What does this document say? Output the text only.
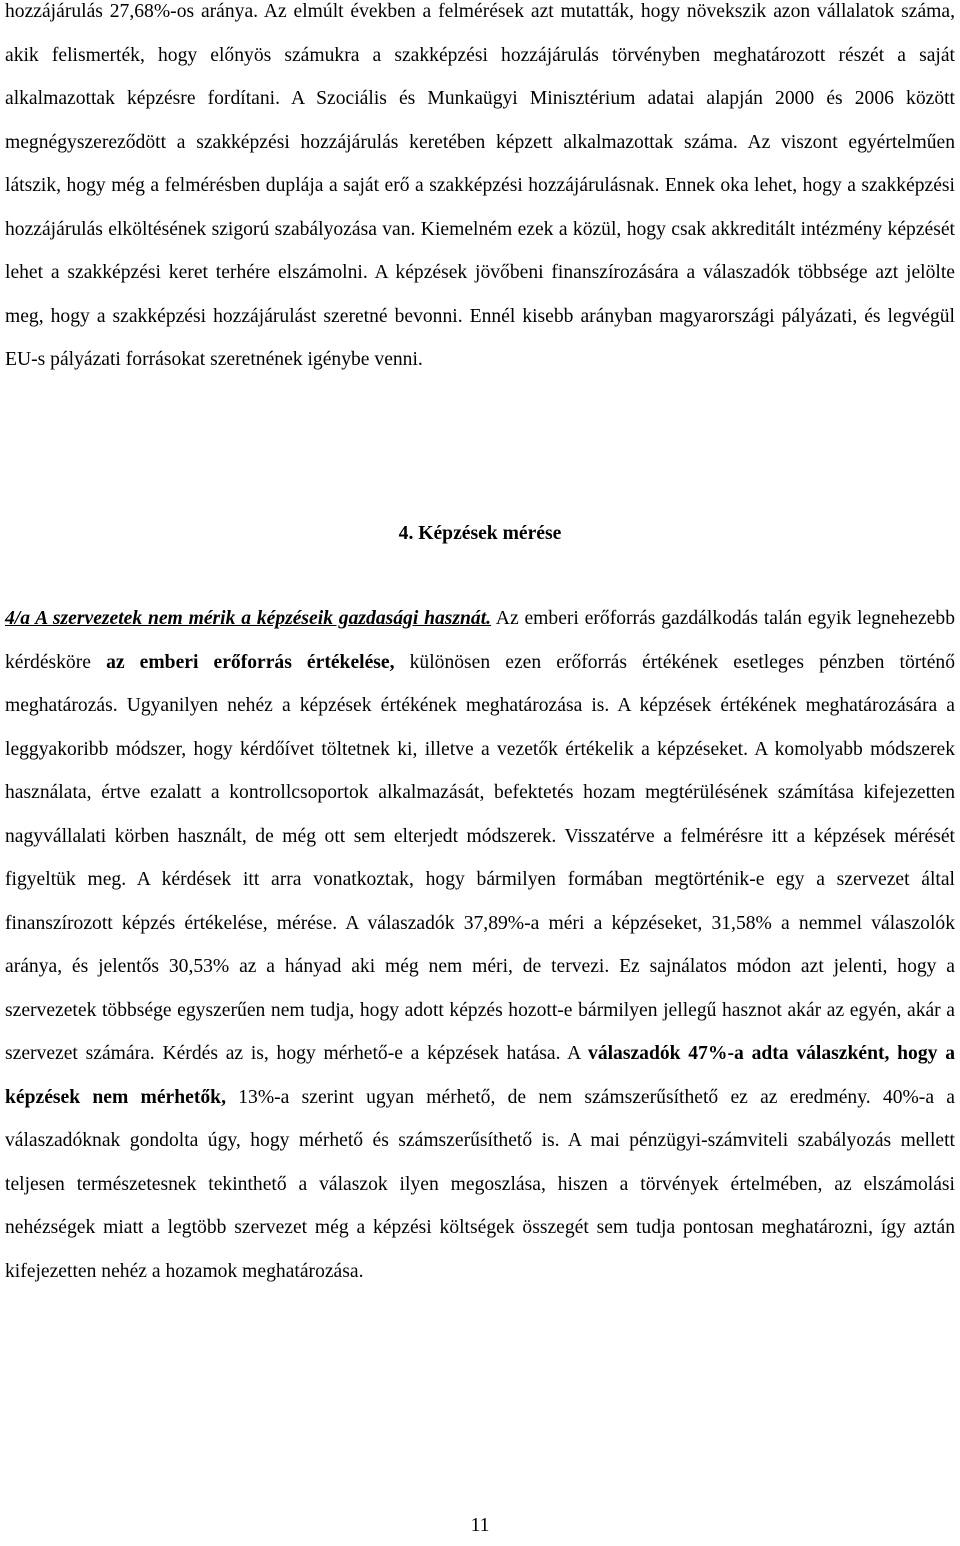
hozzájárulás 27,68%-os aránya. Az elmúlt években a felmérések azt mutatták, hogy növekszik azon vállalatok száma, akik felismerték, hogy előnyös számukra a szakképzési hozzájárulás törvényben meghatározott részét a saját alkalmazottak képzésre fordítani. A Szociális és Munkaügyi Minisztérium adatai alapján 2000 és 2006 között megnégyszereződött a szakképzési hozzájárulás keretében képzett alkalmazottak száma. Az viszont egyértelműen látszik, hogy még a felmérésben duplája a saját erő a szakképzési hozzájárulásnak. Ennek oka lehet, hogy a szakképzési hozzájárulás elköltésének szigorú szabályozása van. Kiemelném ezek a közül, hogy csak akkreditált intézmény képzését lehet a szakképzési keret terhére elszámolni. A képzések jövőbeni finanszírozására a válaszadók többsége azt jelölte meg, hogy a szakképzési hozzájárulást szeretné bevonni. Ennél kisebb arányban magyarországi pályázati, és legvégül EU-s pályázati forrásokat szeretnének igénybe venni.

4. Képzések mérése

4/a A szervezetek nem mérik a képzéseik gazdasági hasznát. Az emberi erőforrás gazdálkodás talán egyik legnehezebb kérdésköre az emberi erőforrás értékelése, különösen ezen erőforrás értékének esetleges pénzben történő meghatározás. Ugyanilyen nehéz a képzések értékének meghatározása is. A képzések értékének meghatározására a leggyakoribb módszer, hogy kérdőívet töltetnek ki, illetve a vezetők értékelik a képzéseket. A komolyabb módszerek használata, értve ezalatt a kontrollcsoportok alkalmazását, befektetés hozam megtérülésének számítása kifejezetten nagyvállalati körben használt, de még ott sem elterjedt módszerek. Visszatérve a felmérésre itt a képzések mérését figyeltük meg. A kérdések itt arra vonatkoztak, hogy bármilyen formában megtörténik-e egy a szervezet által finanszírozott képzés értékelése, mérése. A válaszadók 37,89%-a méri a képzéseket, 31,58% a nemmel válaszolók aránya, és jelentős 30,53% az a hányad aki még nem méri, de tervezi. Ez sajnálatos módon azt jelenti, hogy a szervezetek többsége egyszerűen nem tudja, hogy adott képzés hozott-e bármilyen jellegű hasznot akár az egyén, akár a szervezet számára. Kérdés az is, hogy mérhető-e a képzések hatása. A válaszadók 47%-a adta válaszként, hogy a képzések nem mérhetők, 13%-a szerint ugyan mérhető, de nem számszerűsíthető ez az eredmény. 40%-a a válaszadóknak gondolta úgy, hogy mérhető és számszerűsíthető is. A mai pénzügyi-számviteli szabályozás mellett teljesen természetesnek tekinthető a válaszok ilyen megoszlása, hiszen a törvények értelmében, az elszámolási nehézségek miatt a legtöbb szervezet még a képzési költségek összegét sem tudja pontosan meghatározni, így aztán kifejezetten nehéz a hozamok meghatározása.

11
